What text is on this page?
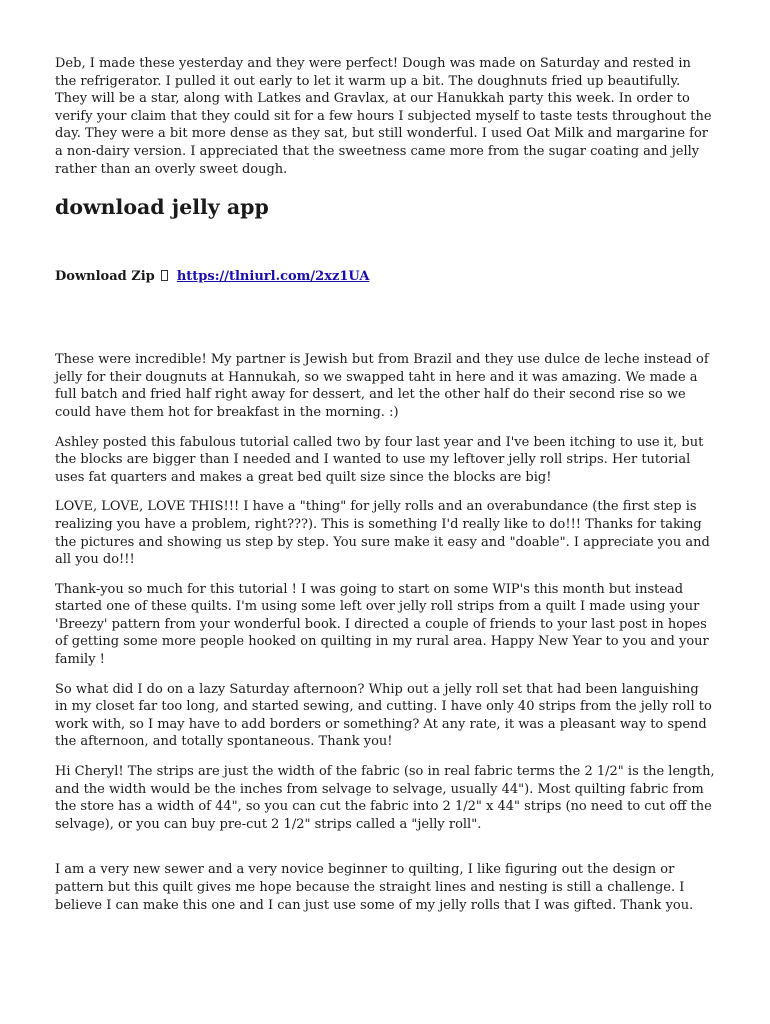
Deb, I made these yesterday and they were perfect! Dough was made on Saturday and rested in the refrigerator. I pulled it out early to let it warm up a bit. The doughnuts fried up beautifully. They will be a star, along with Latkes and Gravlax, at our Hanukkah party this week. In order to verify your claim that they could sit for a few hours I subjected myself to taste tests throughout the day. They were a bit more dense as they sat, but still wonderful. I used Oat Milk and margarine for a non-dairy version. I appreciated that the sweetness came more from the sugar coating and jelly rather than an overly sweet dough.

download jelly app
Download Zip https://tlniurl.com/2xz1UA

These were incredible! My partner is Jewish but from Brazil and they use dulce de leche instead of jelly for their dougnuts at Hannukah, so we swapped taht in here and it was amazing. We made a full batch and fried half right away for dessert, and let the other half do their second rise so we could have them hot for breakfast in the morning. :)

Ashley posted this fabulous tutorial called two by four last year and I've been itching to use it, but the blocks are bigger than I needed and I wanted to use my leftover jelly roll strips. Her tutorial uses fat quarters and makes a great bed quilt size since the blocks are big!

LOVE, LOVE, LOVE THIS!!! I have a "thing" for jelly rolls and an overabundance (the first step is realizing you have a problem, right???). This is something I'd really like to do!!! Thanks for taking the pictures and showing us step by step. You sure make it easy and "doable". I appreciate you and all you do!!!

Thank-you so much for this tutorial ! I was going to start on some WIP's this month but instead started one of these quilts. I'm using some left over jelly roll strips from a quilt I made using your 'Breezy' pattern from your wonderful book. I directed a couple of friends to your last post in hopes of getting some more people hooked on quilting in my rural area. Happy New Year to you and your family !

So what did I do on a lazy Saturday afternoon? Whip out a jelly roll set that had been languishing in my closet far too long, and started sewing, and cutting. I have only 40 strips from the jelly roll to work with, so I may have to add borders or something? At any rate, it was a pleasant way to spend the afternoon, and totally spontaneous. Thank you!

Hi Cheryl! The strips are just the width of the fabric (so in real fabric terms the 2 1/2" is the length, and the width would be the inches from selvage to selvage, usually 44"). Most quilting fabric from the store has a width of 44", so you can cut the fabric into 2 1/2" x 44" strips (no need to cut off the selvage), or you can buy pre-cut 2 1/2" strips called a "jelly roll".

I am a very new sewer and a very novice beginner to quilting, I like figuring out the design or pattern but this quilt gives me hope because the straight lines and nesting is still a challenge. I believe I can make this one and I can just use some of my jelly rolls that I was gifted. Thank you.
